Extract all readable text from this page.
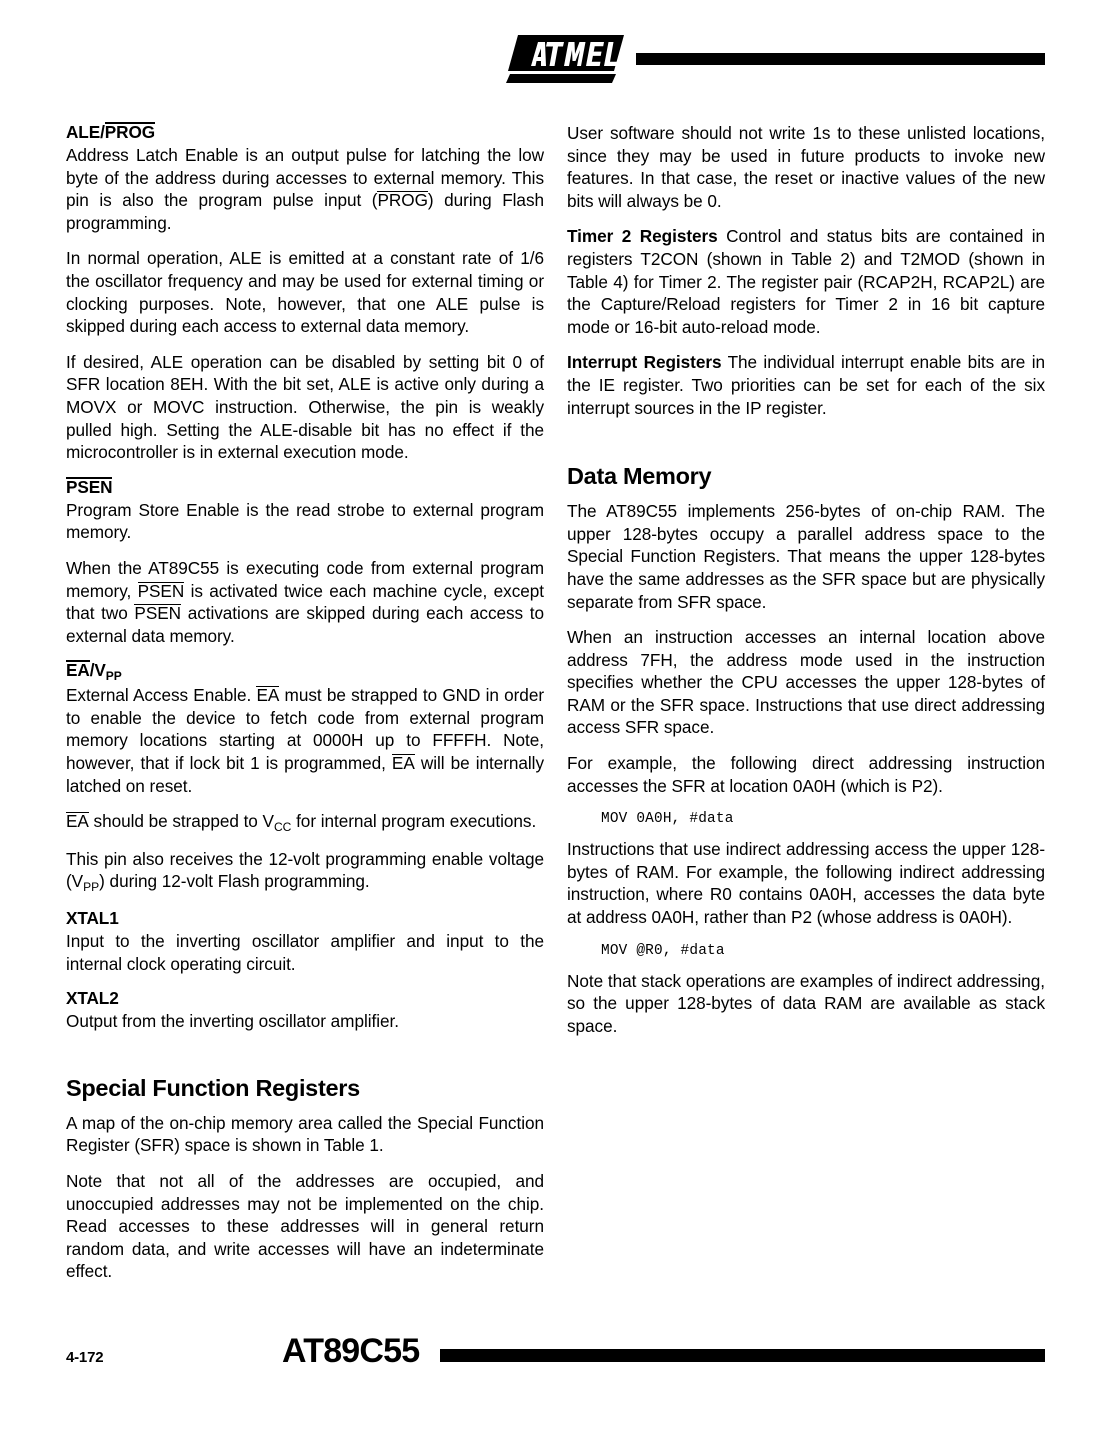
ALE/PROG

Address Latch Enable is an output pulse for latching the low byte of the address during accesses to external memory. This pin is also the program pulse input (PROG) during Flash programming.

In normal operation, ALE is emitted at a constant rate of 1/6 the oscillator frequency and may be used for external timing or clocking purposes. Note, however, that one ALE pulse is skipped during each access to external data memory.

If desired, ALE operation can be disabled by setting bit 0 of SFR location 8EH. With the bit set, ALE is active only during a MOVX or MOVC instruction. Otherwise, the pin is weakly pulled high. Setting the ALE-disable bit has no effect if the microcontroller is in external execution mode.

PSEN

Program Store Enable is the read strobe to external program memory.

When the AT89C55 is executing code from external program memory, PSEN is activated twice each machine cycle, except that two PSEN activations are skipped during each access to external data memory.

$EA/V_{PP}$

External Access Enable. EA must be strapped to GND in order to enable the device to fetch code from external program memory locations starting at 0000H up to FFFFH. Note, however, that if lock bit 1 is programmed, EA will be internally latched on reset.

EA should be strapped to $V_{CC}$ for internal program executions.

This pin also receives the 12-volt programming enable voltage $(V_{PP})$ during 12-volt Flash programming.

XTAL1

Input to the inverting oscillator amplifier and input to the internal clock operating circuit.

XTAL2

Output from the inverting oscillator amplifier.

Special Function Registers

A map of the on-chip memory area called the Special Function Register (SFR) space is shown in Table 1.

Note that not all of the addresses are occupied, and unoccupied addresses may not be implemented on the chip. Read accesses to these addresses will in general return random data, and write accesses will have an indeterminate effect.

User software should not write 1s to these unlisted locations, since they may be used in future products to invoke new features. In that case, the reset or inactive values of the new bits will always be 0.

Timer 2 Registers Control and status bits are contained in registers T2CON (shown in Table 2) and T2MOD (shown in Table 4) for Timer 2. The register pair (RCAP2H, RCAP2L) are the Capture/Reload registers for Timer 2 in 16 bit capture mode or 16-bit auto-reload mode.

Interrupt Registers The individual interrupt enable bits are in the IE register. Two priorities can be set for each of the six interrupt sources in the IP register.

Data Memory

The AT89C55 implements 256-bytes of on-chip RAM. The upper 128-bytes occupy a parallel address space to the Special Function Registers. That means the upper 128-bytes have the same addresses as the SFR space but are physically separate from SFR space.

When an instruction accesses an internal location above address 7FH, the address mode used in the instruction specifies whether the CPU accesses the upper 128-bytes of RAM or the SFR space. Instructions that use direct addressing access SFR space.

For example, the following direct addressing instruction accesses the SFR at location 0A0H (which is P2).

MOV 0A0H, #data

Instructions that use indirect addressing access the upper 128-bytes of RAM. For example, the following indirect addressing instruction, where R0 contains 0A0H, accesses the data byte at address 0A0H, rather than P2 (whose address is 0A0H).

MOV @R0, #data

Note that stack operations are examples of indirect addressing, so the upper 128-bytes of data RAM are available as stack space.

4-172	AT89C55
